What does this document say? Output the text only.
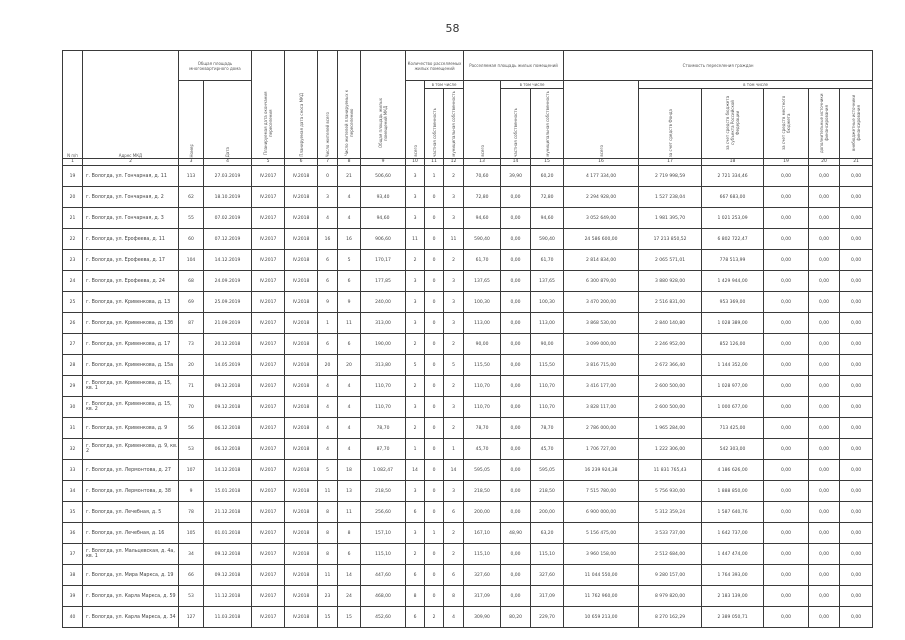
58
N п/п	Адрес МКД	Общая площадь многоквартирного дома		Планируемая дата окончания переселения	Планируемая дата сноса МКД	Число жителей всего	Число жителей планируемых к переселению	Общая площадь жилых помещений МКД	Количество расселяемых жилых помещений			Расселяемая площадь жилых помещений			Стоимость переселения граждан					
		Номер	Дата						всего	в том числе		всего	в том числе		всего	в том числе				
										частная собственность	муниципальная собственность		частная собственность	муниципальная собственность		за счет средств Фонда	за счет средств бюджета субъекта Российской Федерации	за счет средств местного бюджета	дополнительные источники финансирования	внебюджетные источники финансирования
1	2	3	4	5	6	7	8	9	10	11	12	13	14	15	16	17	18	19	20	21
19	г. Вологда, ул. Гончарная, д. 11	113	27.03.2019	IV.2017	IV.2018	0	21	506,60	3	1	2	70,60	39,90	60,20	4 177 334,00	2 719 998,59	2 721 334,46	0,00	0,00	0,00
20	г. Вологда, ул. Гончарная, д. 2	62	18.10.2019	IV.2017	IV.2018	3	4	93,40	3	0	3	72,80	0,00	72,80	2 294 928,00	1 527 238,04	667 683,00	0,00	0,00	0,00
21	г. Вологда, ул. Гончарная, д. 3	55	07.02.2019	IV.2017	IV.2018	4	4	94,60	3	0	3	94,60	0,00	94,60	3 052 649,00	1 981 395,70	1 021 253,09	0,00	0,00	0,00
22	г. Вологда, ул. Ерофеева, д. 11	60	07.12.2019	IV.2017	IV.2018	16	16	906,60	11	0	11	590,40	0,00	590,40	24 586 600,00	17 213 850,52	6 802 722,47	0,00	0,00	0,00
23	г. Вологда, ул. Ерофеева, д. 17	104	14.12.2019	IV.2017	IV.2018	6	5	170,17	2	0	2	61,70	0,00	61,70	2 814 834,00	2 065 571,01	778 513,99	0,00	0,00	0,00
24	г. Вологда, ул. Ерофеева, д. 24	68	24.09.2019	IV.2017	IV.2018	6	6	177,85	3	0	3	137,65	0,00	137,65	6 300 879,00	3 880 928,00	1 429 944,00	0,00	0,00	0,00
25	г. Вологда, ул. Кривенкова, д. 13	69	25.09.2019	IV.2017	IV.2018	9	9	240,00	3	0	3	100,30	0,00	100,30	3 470 200,00	2 516 831,00	953 369,00	0,00	0,00	0,00
26	г. Вологда, ул. Кривенкова, д. 13б	87	21.09.2019	IV.2017	IV.2018	1	11	313,00	3	0	3	113,00	0,00	113,00	3 868 530,00	2 840 140,80	1 028 389,00	0,00	0,00	0,00
27	г. Вологда, ул. Кривенкова, д. 17	73	20.12.2018	IV.2017	IV.2018	6	6	190,00	2	0	2	90,00	0,00	90,00	3 099 000,00	2 246 952,00	852 126,00	0,00	0,00	0,00
28	г. Вологда, ул. Кривенкова, д. 15а	20	14.05.2019	IV.2017	IV.2018	20	20	313,80	5	0	5	115,50	0,00	115,50	3 816 715,00	2 672 366,40	1 144 352,00	0,00	0,00	0,00
29	г. Вологда, ул. Кривенкова, д. 15, кв. 1	71	09.12.2018	IV.2017	IV.2018	4	4	110,70	2	0	2	110,70	0,00	110,70	3 416 177,00	2 600 500,00	1 028 977,00	0,00	0,00	0,00
30	г. Вологда, ул. Кривенкова, д. 15, кв. 2	70	09.12.2018	IV.2017	IV.2018	4	4	110,70	3	0	3	110,70	0,00	110,70	3 828 117,00	2 600 500,00	1 000 677,00	0,00	0,00	0,00
31	г. Вологда, ул. Кривенкова, д. 9	56	06.12.2018	IV.2017	IV.2018	4	4	78,70	2	0	2	78,70	0,00	78,70	2 786 000,00	1 965 284,00	713 425,00	0,00	0,00	0,00
32	г. Вологда, ул. Кривенкова, д. 9, кв. 2	53	06.12.2018	IV.2017	IV.2018	4	4	87,70	1	0	1	45,70	0,00	45,70	1 706 727,00	1 222 306,00	542 303,00	0,00	0,00	0,00
33	г. Вологда, ул. Лермонтова, д. 27	107	14.12.2018	IV.2017	IV.2018	5	18	1 082,47	14	0	14	595,05	0,00	595,05	16 239 924,38	11 831 765,43	4 186 626,00	0,00	0,00	0,00
34	г. Вологда, ул. Лермонтова, д. 38	9	15.01.2018	IV.2017	IV.2018	11	13	218,50	3	0	3	218,50	0,00	218,50	7 515 780,00	5 756 930,00	1 888 850,00	0,00	0,00	0,00
35	г. Вологда, ул. Лечебная, д. 5	78	21.12.2018	IV.2017	IV.2018	8	11	256,60	6	0	6	200,00	0,00	200,00	6 900 000,00	5 312 359,24	1 587 640,76	0,00	0,00	0,00
36	г. Вологда, ул. Лечебная, д. 16	105	01.01.2018	IV.2017	IV.2018	8	8	157,10	3	1	2	167,10	48,90	63,20	5 156 475,00	3 533 737,00	1 642 737,00	0,00	0,00	0,00
37	г. Вологда, ул. Мальцевская, д. 4а, кв. 1	34	09.12.2018	IV.2017	IV.2018	8	6	115,10	2	0	2	115,10	0,00	115,10	3 960 158,00	2 512 684,00	1 447 474,00	0,00	0,00	0,00
38	г. Вологда, ул. Мира Маркса, д. 19	66	09.12.2018	IV.2017	IV.2018	11	14	447,60	6	0	6	327,60	0,00	327,60	11 044 550,00	9 280 157,00	1 764 393,00	0,00	0,00	0,00
39	г. Вологда, ул. Карла Маркса, д. 59	53	11.12.2018	IV.2017	IV.2018	23	24	468,00	8	0	8	317,09	0,00	317,09	11 762 960,00	8 979 820,00	2 183 139,00	0,00	0,00	0,00
40	г. Вологда, ул. Карла Маркса, д. 34	127	11.03.2018	IV.2017	IV.2018	15	15	452,60	6	2	4	309,90	80,20	229,70	10 659 213,00	8 270 162,29	2 389 050,71	0,00	0,00	0,00
